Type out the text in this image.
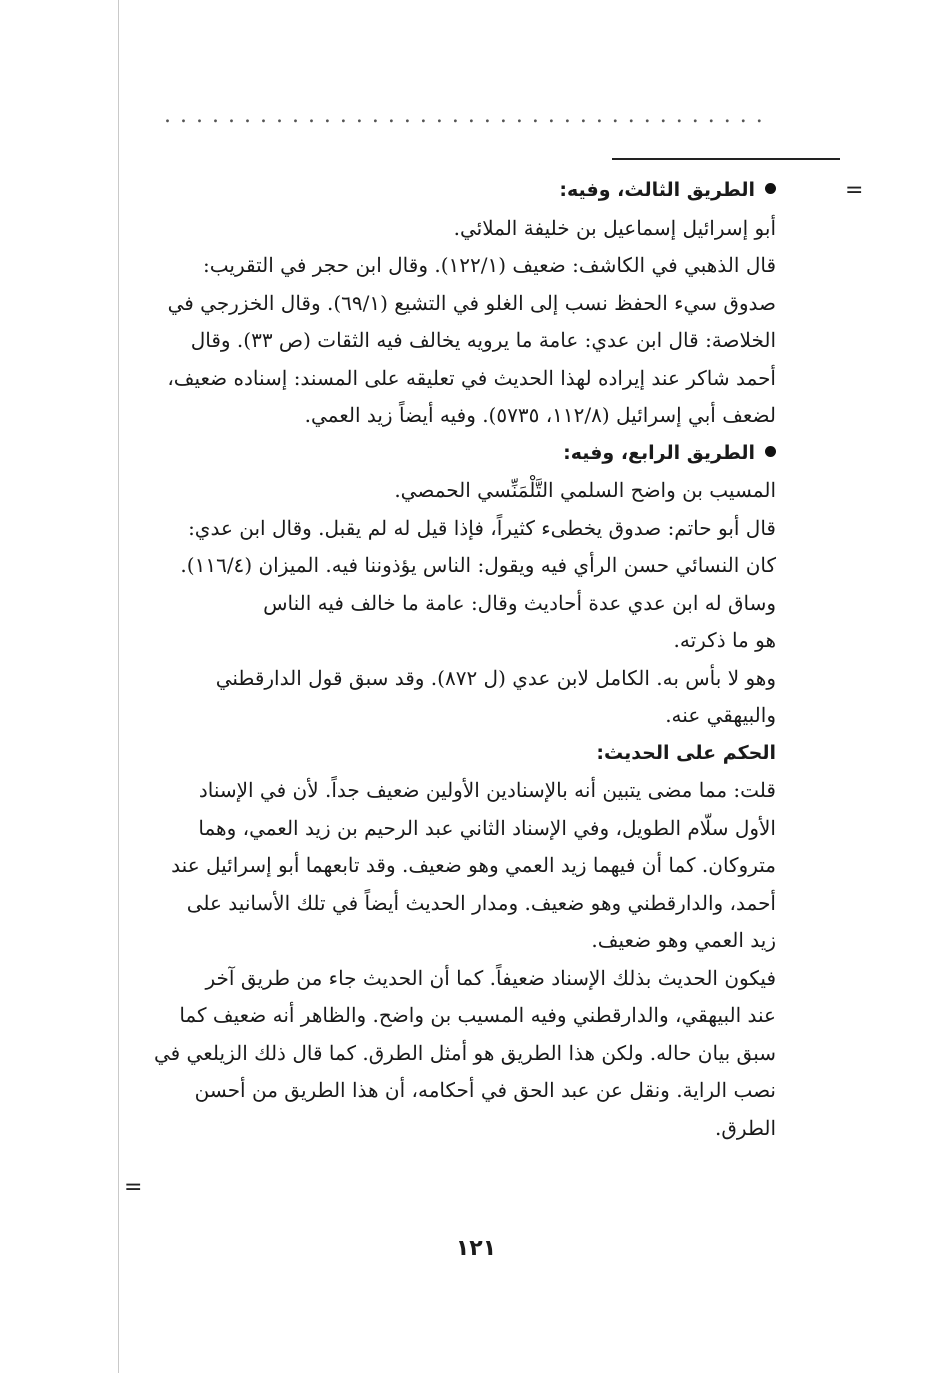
......................................
=
=
الطريق الثالث، وفيه:
أبو إسرائيل إسماعيل بن خليفة الملائي.
قال الذهبي في الكاشف: ضعيف (١٢٢/١). وقال ابن حجر في التقريب:
صدوق سيء الحفظ نسب إلى الغلو في التشيع (٦٩/١). وقال الخزرجي في
الخلاصة: قال ابن عدي: عامة ما يرويه يخالف فيه الثقات (ص ٣٣). وقال
أحمد شاكر عند إيراده لهذا الحديث في تعليقه على المسند: إسناده ضعيف،
لضعف أبي إسرائيل (١١٢/٨، ٥٧٣٥). وفيه أيضاً زيد العمي.
الطريق الرابع، وفيه:
المسيب بن واضح السلمي التَّلْمَنِّسي الحمصي.
قال أبو حاتم: صدوق يخطىء كثيراً، فإذا قيل له لم يقبل. وقال ابن عدي:
كان النسائي حسن الرأي فيه ويقول: الناس يؤذوننا فيه. الميزان (١١٦/٤).
وساق له ابن عدي عدة أحاديث وقال: عامة ما خالف فيه الناس
هو ما ذكرته.
وهو لا بأس به. الكامل لابن عدي (ل ٨٧٢). وقد سبق قول الدارقطني
والبيهقي عنه.
الحكم على الحديث:
قلت: مما مضى يتبين أنه بالإسنادين الأولين ضعيف جداً. لأن في الإسناد
الأول سلّام الطويل، وفي الإسناد الثاني عبد الرحيم بن زيد العمي، وهما
متروكان. كما أن فيهما زيد العمي وهو ضعيف. وقد تابعهما أبو إسرائيل عند
أحمد، والدارقطني وهو ضعيف. ومدار الحديث أيضاً في تلك الأسانيد على
زيد العمي وهو ضعيف.
فيكون الحديث بذلك الإسناد ضعيفاً. كما أن الحديث جاء من طريق آخر
عند البيهقي، والدارقطني وفيه المسيب بن واضح. والظاهر أنه ضعيف كما
سبق بيان حاله. ولكن هذا الطريق هو أمثل الطرق. كما قال ذلك الزيلعي في
نصب الراية. ونقل عن عبد الحق في أحكامه، أن هذا الطريق من أحسن
الطرق.
١٢١
